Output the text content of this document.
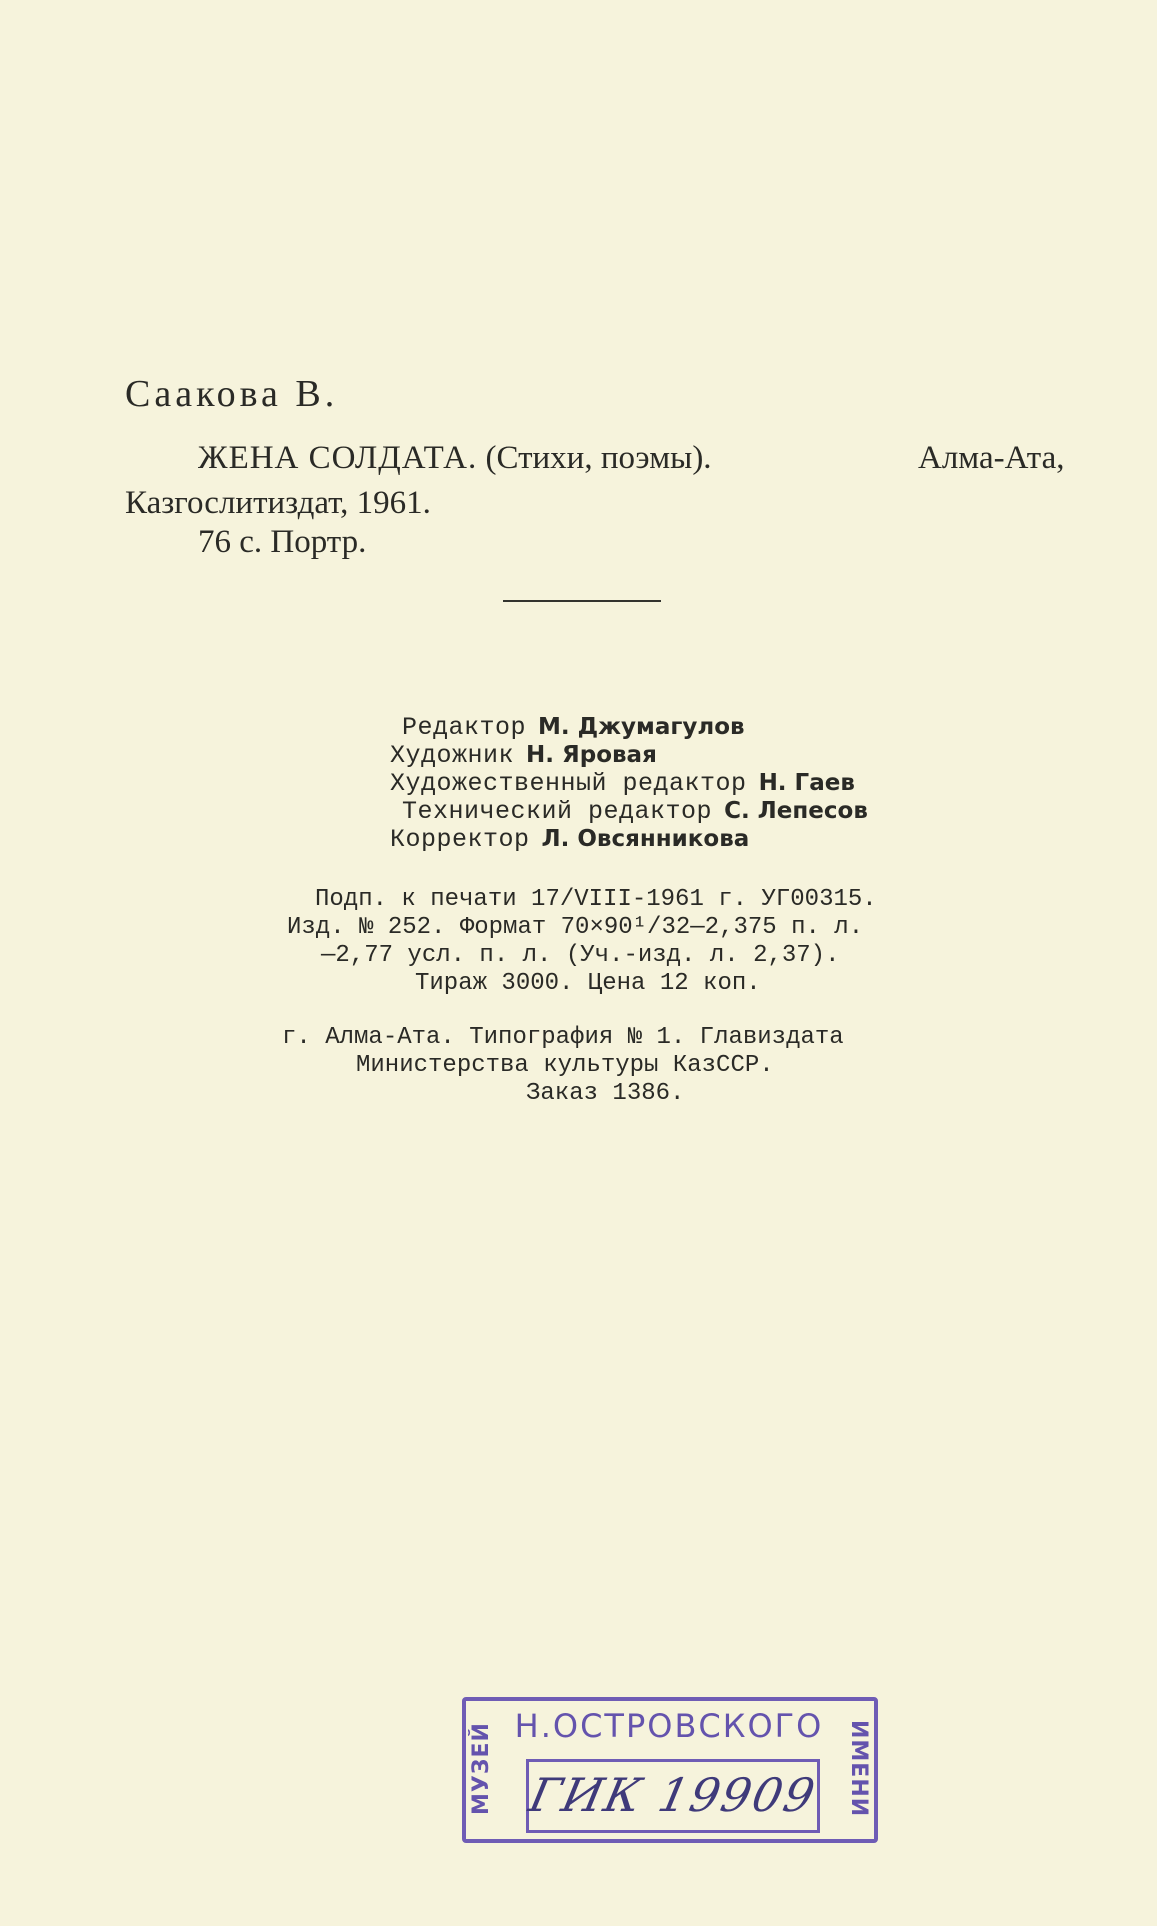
Саакова В.
ЖЕНА СОЛДАТА. (Стихи, поэмы).	Алма-Ата,
Казгослитиздат, 1961.
76 с. Портр.
Редактор М. Джумагулов
Художник Н. Яровая
Художественный редактор Н. Гаев
Технический редактор С. Лепесов
Корректор Л. Овсянникова
Подп. к печати 17/VIII-1961 г. УГ00315.
Изд. № 252. Формат 70×90¹/32—2,375 п. л.
—2,77 усл. п. л. (Уч.-изд. л. 2,37).
Тираж 3000. Цена 12 коп.
г. Алма-Ата. Типография № 1. Главиздата
Министерства культуры КазССР.
Заказ 1386.
МУЗЕЙ	ИМЕНИ
Н.ОСТРОВСКОГО
ГИК 19909
